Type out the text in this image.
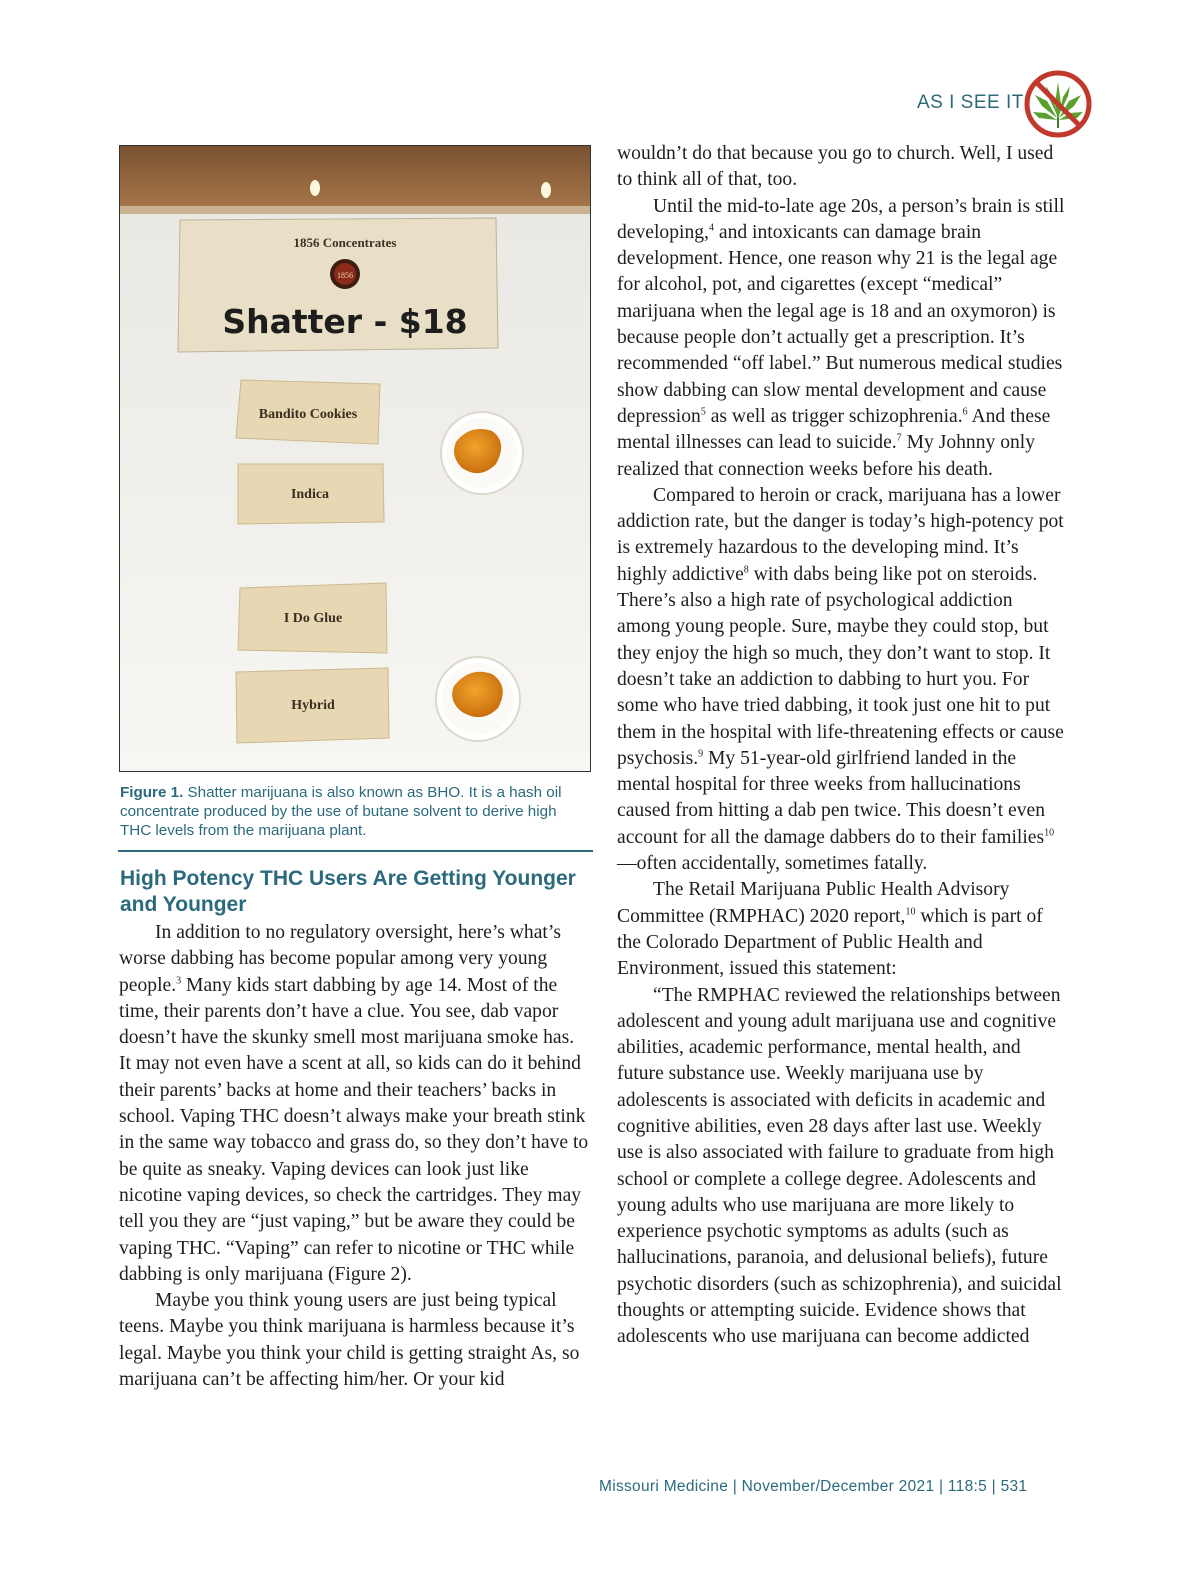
AS I SEE IT
1856 Concentrates
1856
Shatter - $18
Bandito Cookies
Indica
I Do Glue
Hybrid
Figure 1. Shatter marijuana is also known as BHO. It is a hash oil concentrate produced by the use of butane solvent to derive high THC levels from the marijuana plant.
High Potency THC Users Are Getting Younger and Younger

In addition to no regulatory oversight, here’s what’s worse dabbing has become popular among very young people.$^3$ Many kids start dabbing by age 14. Most of the time, their parents don’t have a clue. You see, dab vapor doesn’t have the skunky smell most marijuana smoke has. It may not even have a scent at all, so kids can do it behind their parents’ backs at home and their teachers’ backs in school. Vaping THC doesn’t always make your breath stink in the same way tobacco and grass do, so they don’t have to be quite as sneaky. Vaping devices can look just like nicotine vaping devices, so check the cartridges. They may tell you they are “just vaping,” but be aware they could be vaping THC. “Vaping” can refer to nicotine or THC while dabbing is only marijuana (Figure 2).

Maybe you think young users are just being typical teens. Maybe you think marijuana is harmless because it’s legal. Maybe you think your child is getting straight As, so marijuana can’t be affecting him/her. Or your kid

wouldn’t do that because you go to church. Well, I used to think all of that, too.

Until the mid-to-late age 20s, a person’s brain is still developing,$^4$ and intoxicants can damage brain development. Hence, one reason why 21 is the legal age for alcohol, pot, and cigarettes (except “medical” marijuana when the legal age is 18 and an oxymoron) is because people don’t actually get a prescription. It’s recommended “off label.” But numerous medical studies show dabbing can slow mental development and cause depression$^5$ as well as trigger schizophrenia.$^6$ And these mental illnesses can lead to suicide.$^7$ My Johnny only realized that connection weeks before his death.

Compared to heroin or crack, marijuana has a lower addiction rate, but the danger is today’s high-potency pot is extremely hazardous to the developing mind. It’s highly addictive$^8$ with dabs being like pot on steroids. There’s also a high rate of psychological addiction among young people. Sure, maybe they could stop, but they enjoy the high so much, they don’t want to stop. It doesn’t take an addiction to dabbing to hurt you. For some who have tried dabbing, it took just one hit to put them in the hospital with life-threatening effects or cause psychosis.$^9$ My 51-year-old girlfriend landed in the mental hospital for three weeks from hallucinations caused from hitting a dab pen twice. This doesn’t even account for all the damage dabbers do to their families$^{10}$—often accidentally, sometimes fatally.

The Retail Marijuana Public Health Advisory Committee (RMPHAC) 2020 report,$^{10}$ which is part of the Colorado Department of Public Health and Environment, issued this statement:

“The RMPHAC reviewed the relationships between adolescent and young adult marijuana use and cognitive abilities, academic performance, mental health, and future substance use. Weekly marijuana use by adolescents is associated with deficits in academic and cognitive abilities, even 28 days after last use. Weekly use is also associated with failure to graduate from high school or complete a college degree. Adolescents and young adults who use marijuana are more likely to experience psychotic symptoms as adults (such as hallucinations, paranoia, and delusional beliefs), future psychotic disorders (such as schizophrenia), and suicidal thoughts or attempting suicide. Evidence shows that adolescents who use marijuana can become addicted

Missouri Medicine | November/December 2021 | 118:5 | 531
